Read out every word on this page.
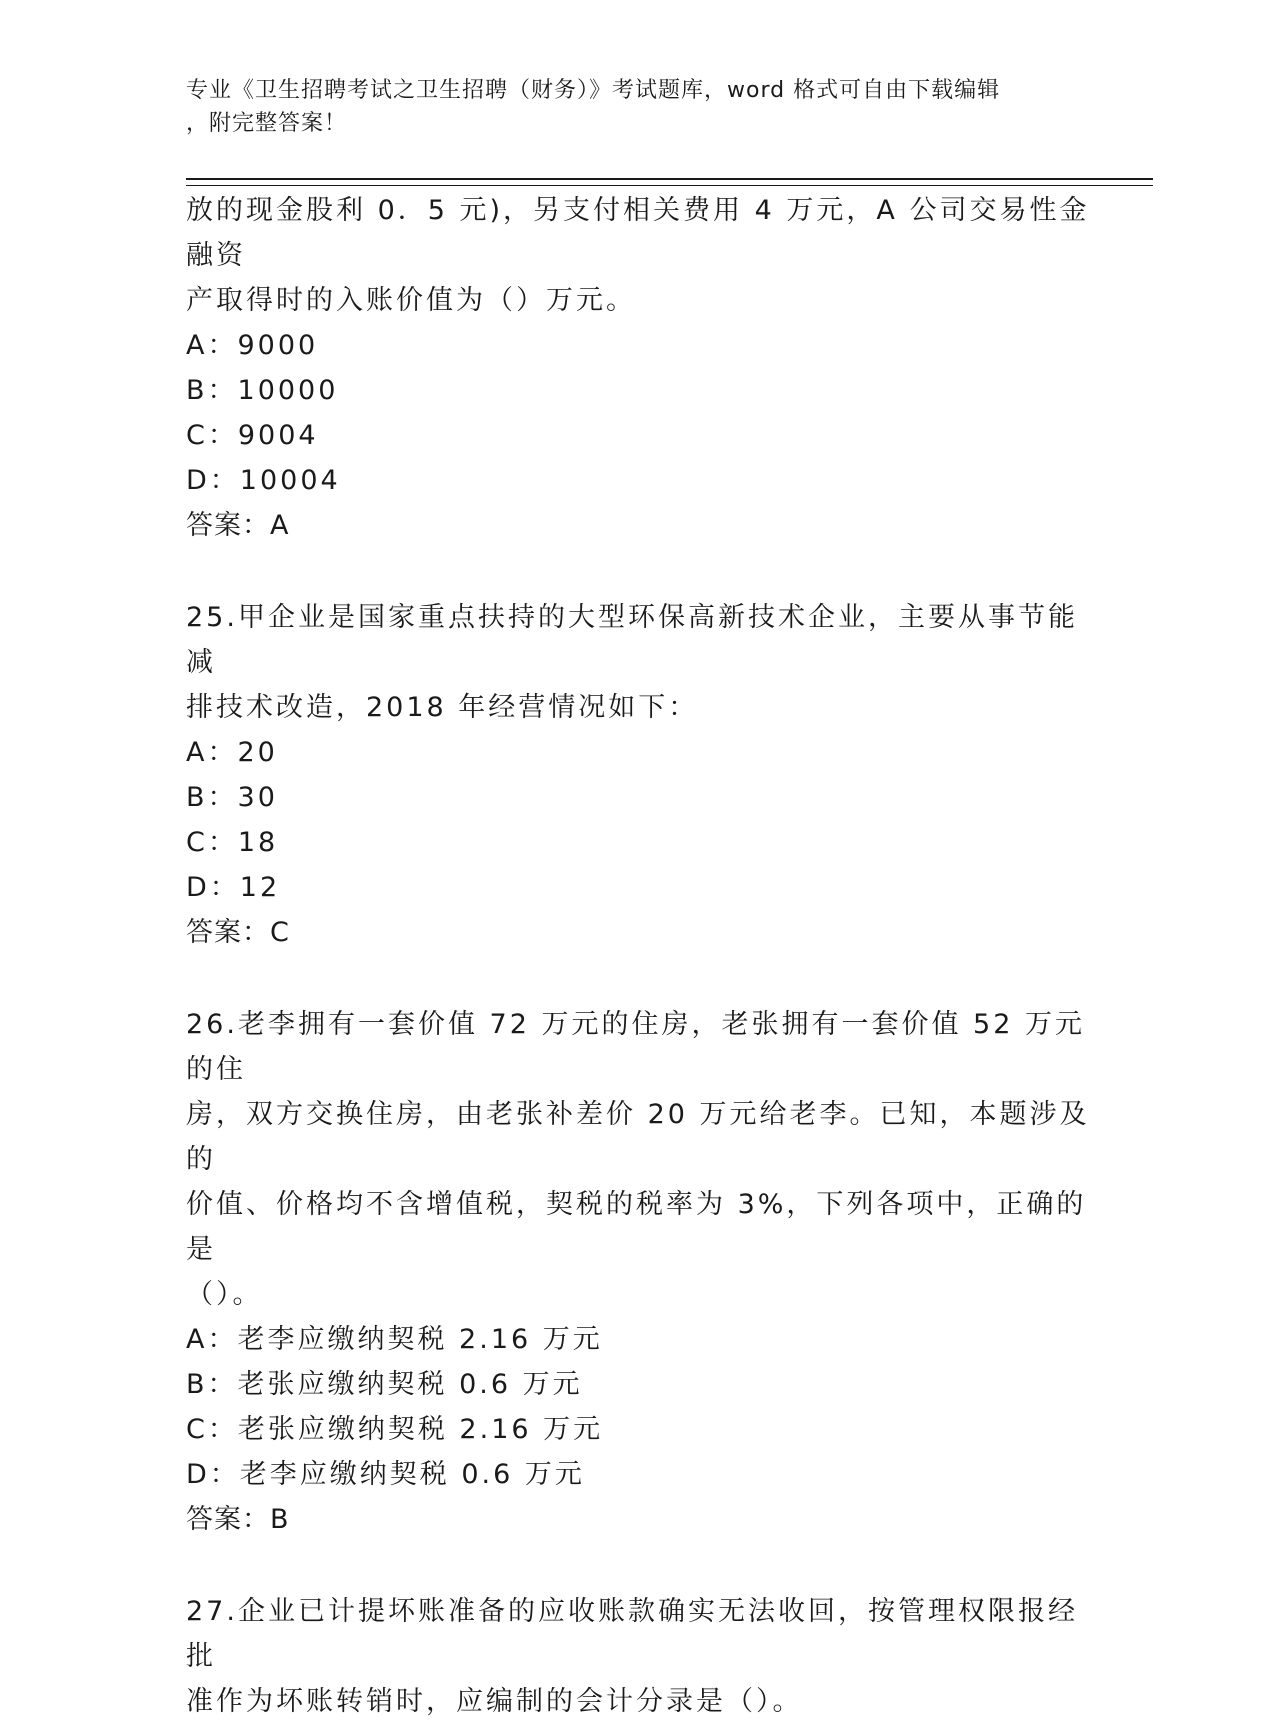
专业《卫生招聘考试之卫生招聘（财务）》考试题库，word 格式可自由下载编辑
，附完整答案！
放的现金股利 0．5 元)，另支付相关费用 4 万元，A 公司交易性金融资
产取得时的入账价值为（）万元。
A：9000
B：10000
C：9004
D：10004
答案：A
25.甲企业是国家重点扶持的大型环保高新技术企业，主要从事节能减
排技术改造，2018 年经营情况如下：
A：20
B：30
C：18
D：12
答案：C
26.老李拥有一套价值 72 万元的住房，老张拥有一套价值 52 万元的住
房，双方交换住房，由老张补差价 20 万元给老李。已知，本题涉及的
价值、价格均不含增值税，契税的税率为 3%，下列各项中，正确的是
（）。
A：老李应缴纳契税 2.16 万元
B：老张应缴纳契税 0.6 万元
C：老张应缴纳契税 2.16 万元
D：老李应缴纳契税 0.6 万元
答案：B
27.企业已计提坏账准备的应收账款确实无法收回，按管理权限报经批
准作为坏账转销时，应编制的会计分录是（）。
